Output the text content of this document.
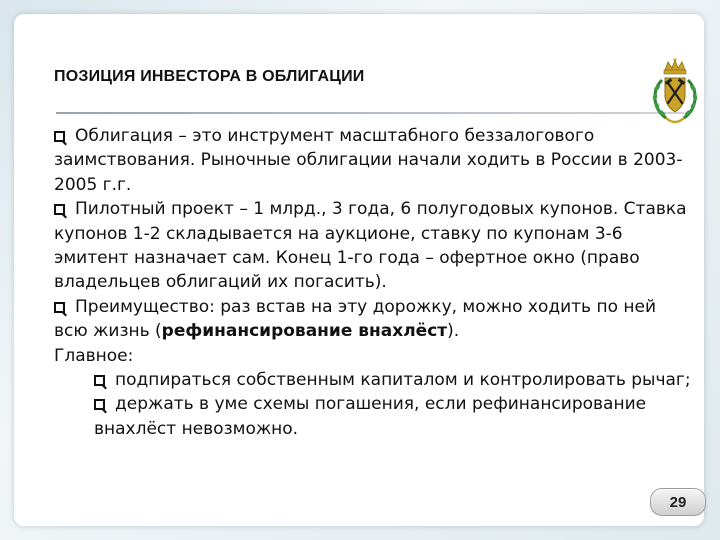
ПОЗИЦИЯ ИНВЕСТОРА В ОБЛИГАЦИИ

Облигация – это инструмент масштабного беззалогового заимствования. Рыночные облигации начали ходить в России в 2003-2005 г.г.

Пилотный проект – 1 млрд., 3 года, 6 полугодовых купонов. Ставка купонов 1-2 складывается на аукционе, ставку по купонам 3-6 эмитент назначает сам. Конец 1-го года – офертное окно (право владельцев облигаций их погасить).

Преимущество: раз встав на эту дорожку, можно ходить по ней всю жизнь (рефинансирование внахлёст).

Главное:

подпираться собственным капиталом и контролировать рычаг;

держать в уме схемы погашения, если рефинансирование внахлёст невозможно.

29
